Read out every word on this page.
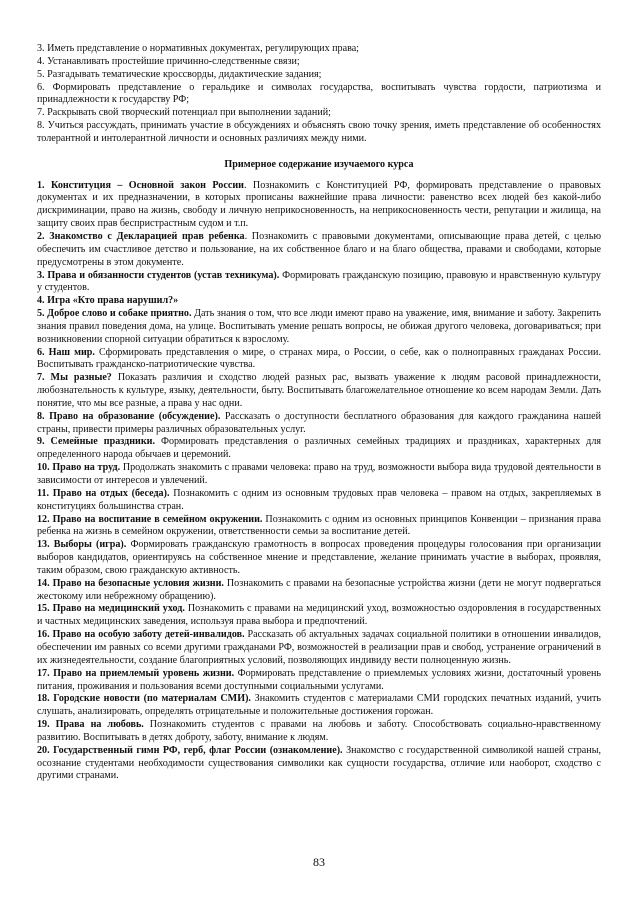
3. Иметь представление о нормативных документах, регулирующих права;

4. Устанавливать простейшие причинно-следственные связи;

5. Разгадывать тематические кроссворды, дидактические задания;

6. Формировать представление о геральдике и символах государства, воспитывать чувства гордости, патриотизма и принадлежности к государству РФ;

7. Раскрывать свой творческий потенциал при выполнении заданий;

8. Учиться рассуждать, принимать участие в обсуждениях и объяснять свою точку зрения, иметь представление об особенностях толерантной и интолерантной личности и основных различиях между ними.

Примерное содержание изучаемого курса

1. Конституция – Основной закон России. Познакомить с Конституцией РФ, формировать представление о правовых документах и их предназначении, в которых прописаны важнейшие права личности: равенство всех людей без какой-либо дискриминации, право на жизнь, свободу и личную неприкосновенность, на неприкосновенность чести, репутации и жилища, на защиту своих прав беспристрастным судом и т.п.

2. Знакомство с Декларацией прав ребенка. Познакомить с правовыми документами, описывающие права детей, с целью обеспечить им счастливое детство и пользование, на их собственное благо и на благо общества, правами и свободами, которые предусмотрены в этом документе.

3. Права и обязанности студентов (устав техникума). Формировать гражданскую позицию, правовую и нравственную культуру у студентов.

4. Игра «Кто права нарушил?»

5. Доброе слово и собаке приятно. Дать знания о том, что все люди имеют право на уважение, имя, внимание и заботу. Закрепить знания правил поведения дома, на улице. Воспитывать умение решать вопросы, не обижая другого человека, договариваться; при возникновении спорной ситуации обратиться к взрослому.

6. Наш мир. Сформировать представления о мире, о странах мира, о России, о себе, как о полноправных гражданах России. Воспитывать гражданско-патриотические чувства.

7. Мы разные? Показать различия и сходство людей разных рас, вызвать уважение к людям расовой принадлежности, любознательность к культуре, языку, деятельности, быту. Воспитывать благожелательное отношение ко всем народам Земли. Дать понятие, что мы все разные, а права у нас одни.

8. Право на образование (обсуждение). Рассказать о доступности бесплатного образования для каждого гражданина нашей страны, привести примеры различных образовательных услуг.

9. Семейные праздники. Формировать представления о различных семейных традициях и праздниках, характерных для определенного народа обычаев и церемоний.

10. Право на труд. Продолжать знакомить с правами человека: право на труд, возможности выбора вида трудовой деятельности в зависимости от интересов и увлечений.

11. Право на отдых (беседа). Познакомить с одним из основным трудовых прав человека – правом на отдых, закрепляемых в конституциях большинства стран.

12. Право на воспитание в семейном окружении. Познакомить с одним из основных принципов Конвенции – признания права ребенка на жизнь в семейном окружении, ответственности семьи за воспитание детей.

13. Выборы (игра). Формировать гражданскую грамотность в вопросах проведения процедуры голосования при организации выборов кандидатов, ориентируясь на собственное мнение и представление, желание принимать участие в выборах, проявляя, таким образом, свою гражданскую активность.

14. Право на безопасные условия жизни. Познакомить с правами на безопасные устройства жизни (дети не могут подвергаться жестокому или небрежному обращению).

15. Право на медицинский уход. Познакомить с правами на медицинский уход, возможностью оздоровления в государственных и частных медицинских заведения, используя права выбора и предпочтений.

16. Право на особую заботу детей-инвалидов. Рассказать об актуальных задачах социальной политики в отношении инвалидов, обеспечении им равных со всеми другими гражданами РФ, возможностей в реализации прав и свобод, устранение ограничений в их жизнедеятельности, создание благоприятных условий, позволяющих индивиду вести полноценную жизнь.

17. Право на приемлемый уровень жизни. Формировать представление о приемлемых условиях жизни, достаточный уровень питания, проживания и пользования всеми доступными социальными услугами.

18. Городские новости (по материалам СМИ). Знакомить студентов с материалами СМИ городских печатных изданий, учить слушать, анализировать, определять отрицательные и положительные достижения горожан.

19. Права на любовь. Познакомить студентов с правами на любовь и заботу. Способствовать социально-нравственному развитию. Воспитывать в детях доброту, заботу, внимание к людям.

20. Государственный гимн РФ, герб, флаг России (ознакомление). Знакомство с государственной символикой нашей страны, осознание студентами необходимости существования символики как сущности государства, отличие или наоборот, сходство с другими странами.

83
